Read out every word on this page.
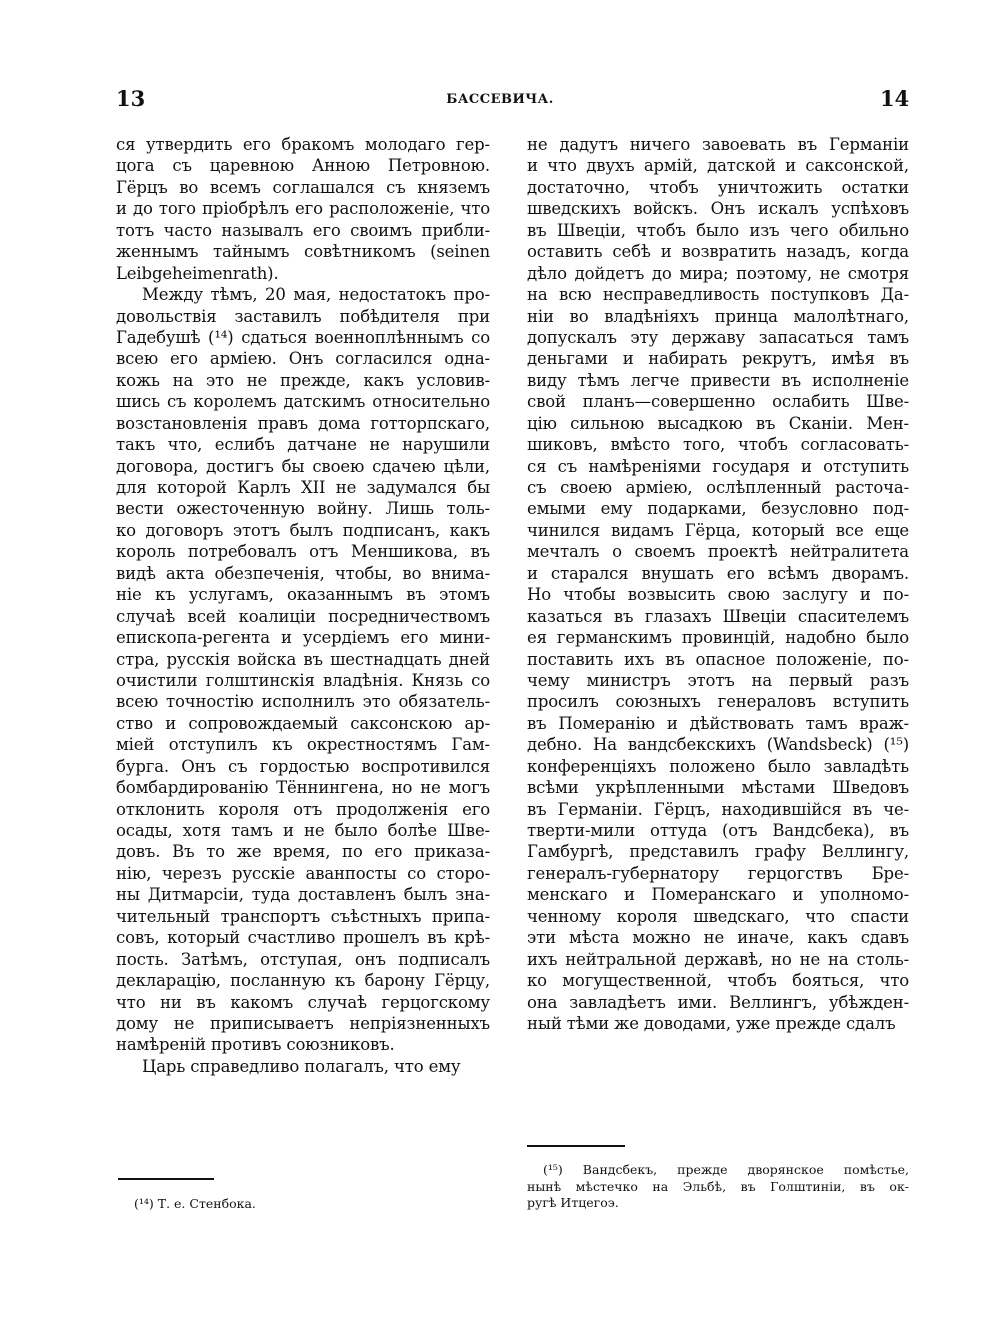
13	БАССЕВИЧА.	14
ся утвердить его бракомъ молодаго гер-
цога съ царевною Анною Петровною.
Гёрцъ во всемъ соглашался съ княземъ
и до того пріобрѣлъ его расположеніе, что
тотъ часто называлъ его своимъ прибли-
женнымъ тайнымъ совѣтникомъ (seinen
Leibgeheimenrath).
Между тѣмъ, 20 мая, недостатокъ про-
довольствія заставилъ побѣдителя при
Гадебушѣ (¹⁴) сдаться военноплѣннымъ со
всею его арміею. Онъ согласился одна-
кожь на это не прежде, какъ условив-
шись съ королемъ датскимъ относительно
возстановленія правъ дома готторпскаго,
такъ что, еслибъ датчане не нарушили
договора, достигъ бы своею сдачею цѣли,
для которой Карлъ XII не задумался бы
вести ожесточенную войну. Лишь толь-
ко договоръ этотъ былъ подписанъ, какъ
король потребовалъ отъ Меншикова, въ
видѣ акта обезпеченія, чтобы, во внима-
ніе къ услугамъ, оказаннымъ въ этомъ
случаѣ всей коалиціи посредничествомъ
епископа-регента и усердіемъ его мини-
стра, русскія войска въ шестнадцать дней
очистили голштинскія владѣнія. Князь со
всею точностію исполнилъ это обязатель-
ство и сопровождаемый саксонскою ар-
міей отступилъ къ окрестностямъ Гам-
бурга. Онъ съ гордостью воспротивился
бомбардированію Тённингена, но не могъ
отклонить короля отъ продолженія его
осады, хотя тамъ и не было болѣе Шве-
довъ. Въ то же время, по его приказа-
нію, черезъ русскіе аванпосты со сторо-
ны Дитмарсіи, туда доставленъ былъ зна-
чительный транспортъ съѣстныхъ припа-
совъ, который счастливо прошелъ въ крѣ-
пость. Затѣмъ, отступая, онъ подписалъ
декларацію, посланную къ барону Гёрцу,
что ни въ какомъ случаѣ герцогскому
дому не приписываетъ непріязненныхъ
намѣреній противъ союзниковъ.
Царь справедливо полагалъ, что ему
не дадутъ ничего завоевать въ Германіи
и что двухъ армій, датской и саксонской,
достаточно, чтобъ уничтожить остатки
шведскихъ войскъ. Онъ искалъ успѣховъ
въ Швеціи, чтобъ было изъ чего обильно
оставить себѣ и возвратить назадъ, когда
дѣло дойдетъ до мира; поэтому, не смотря
на всю несправедливость поступковъ Да-
ніи во владѣніяхъ принца малолѣтнаго,
допускалъ эту державу запасаться тамъ
деньгами и набирать рекрутъ, имѣя въ
виду тѣмъ легче привести въ исполненіе
свой планъ—совершенно ослабить Шве-
цію сильною высадкою въ Сканіи. Мен-
шиковъ, вмѣсто того, чтобъ согласовать-
ся съ намѣреніями государя и отступить
съ своею арміею, ослѣпленный расточа-
емыми ему подарками, безусловно под-
чинился видамъ Гёрца, который все еще
мечталъ о своемъ проектѣ нейтралитета
и старался внушать его всѣмъ дворамъ.
Но чтобы возвысить свою заслугу и по-
казаться въ глазахъ Швеціи спасителемъ
ея германскимъ провинцій, надобно было
поставить ихъ въ опасное положеніе, по-
чему министръ этотъ на первый разъ
просилъ союзныхъ генераловъ вступить
въ Померанію и дѣйствовать тамъ враж-
дебно. На вандсбекскихъ (Wandsbeck) (¹⁵)
конференціяхъ положено было завладѣть
всѣми укрѣпленными мѣстами Шведовъ
въ Германіи. Гёрцъ, находившійся въ че-
тверти-мили оттуда (отъ Вандсбека), въ
Гамбургѣ, представилъ графу Веллингу,
генералъ-губернатору герцогствъ Бре-
менскаго и Померанскаго и уполномо-
ченному короля шведскаго, что спасти
эти мѣста можно не иначе, какъ сдавъ
ихъ нейтральной державѣ, но не на столь-
ко могущественной, чтобъ бояться, что
она завладѣетъ ими. Веллингъ, убѣжден-
ный тѣми же доводами, уже прежде сдалъ
(¹⁴) Т. е. Стенбока.
(¹⁵) Вандсбекъ, прежде дворянское помѣстье,
нынѣ мѣстечко на Эльбѣ, въ Голштиніи, въ ок-
ругѣ Итцегоэ.
